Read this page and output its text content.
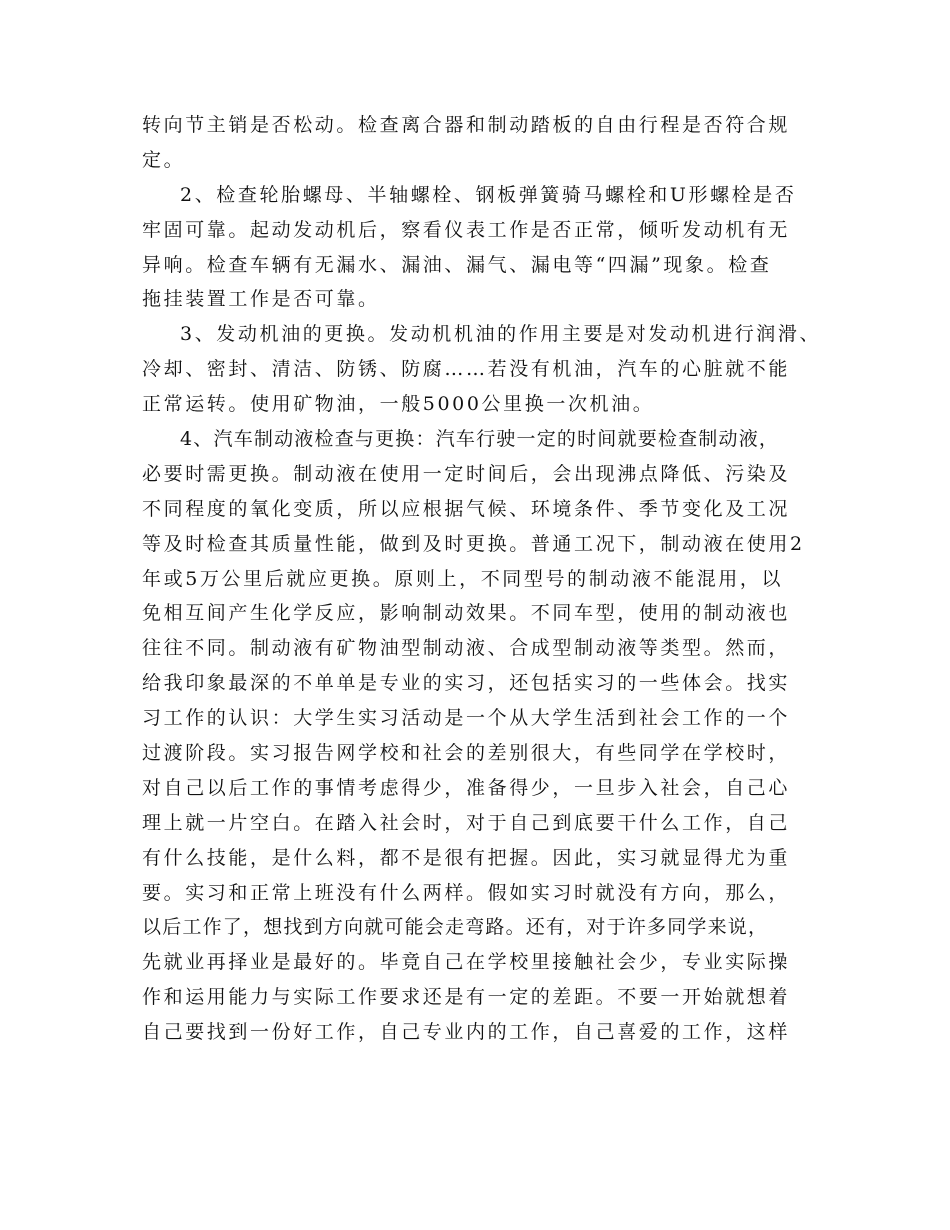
转向节主销是否松动。检查离合器和制动踏板的自由行程是否符合规
定。
2、检查轮胎螺母、半轴螺栓、钢板弹簧骑马螺栓和U形螺栓是否
牢固可靠。起动发动机后，察看仪表工作是否正常，倾听发动机有无
异响。检查车辆有无漏水、漏油、漏气、漏电等“四漏”现象。检查
拖挂装置工作是否可靠。
3、发动机油的更换。发动机机油的作用主要是对发动机进行润滑、
冷却、密封、清洁、防锈、防腐……若没有机油，汽车的心脏就不能
正常运转。使用矿物油，一般5000公里换一次机油。
4、汽车制动液检查与更换：汽车行驶一定的时间就要检查制动液，
必要时需更换。制动液在使用一定时间后，会出现沸点降低、污染及
不同程度的氧化变质，所以应根据气候、环境条件、季节变化及工况
等及时检查其质量性能，做到及时更换。普通工况下，制动液在使用2
年或5万公里后就应更换。原则上，不同型号的制动液不能混用，以
免相互间产生化学反应，影响制动效果。不同车型，使用的制动液也
往往不同。制动液有矿物油型制动液、合成型制动液等类型。然而，
给我印象最深的不单单是专业的实习，还包括实习的一些体会。找实
习工作的认识：大学生实习活动是一个从大学生活到社会工作的一个
过渡阶段。实习报告网学校和社会的差别很大，有些同学在学校时，
对自己以后工作的事情考虑得少，准备得少，一旦步入社会，自己心
理上就一片空白。在踏入社会时，对于自己到底要干什么工作，自己
有什么技能，是什么料，都不是很有把握。因此，实习就显得尤为重
要。实习和正常上班没有什么两样。假如实习时就没有方向，那么，
以后工作了，想找到方向就可能会走弯路。还有，对于许多同学来说，
先就业再择业是最好的。毕竟自己在学校里接触社会少，专业实际操
作和运用能力与实际工作要求还是有一定的差距。不要一开始就想着
自己要找到一份好工作，自己专业内的工作，自己喜爱的工作，这样
